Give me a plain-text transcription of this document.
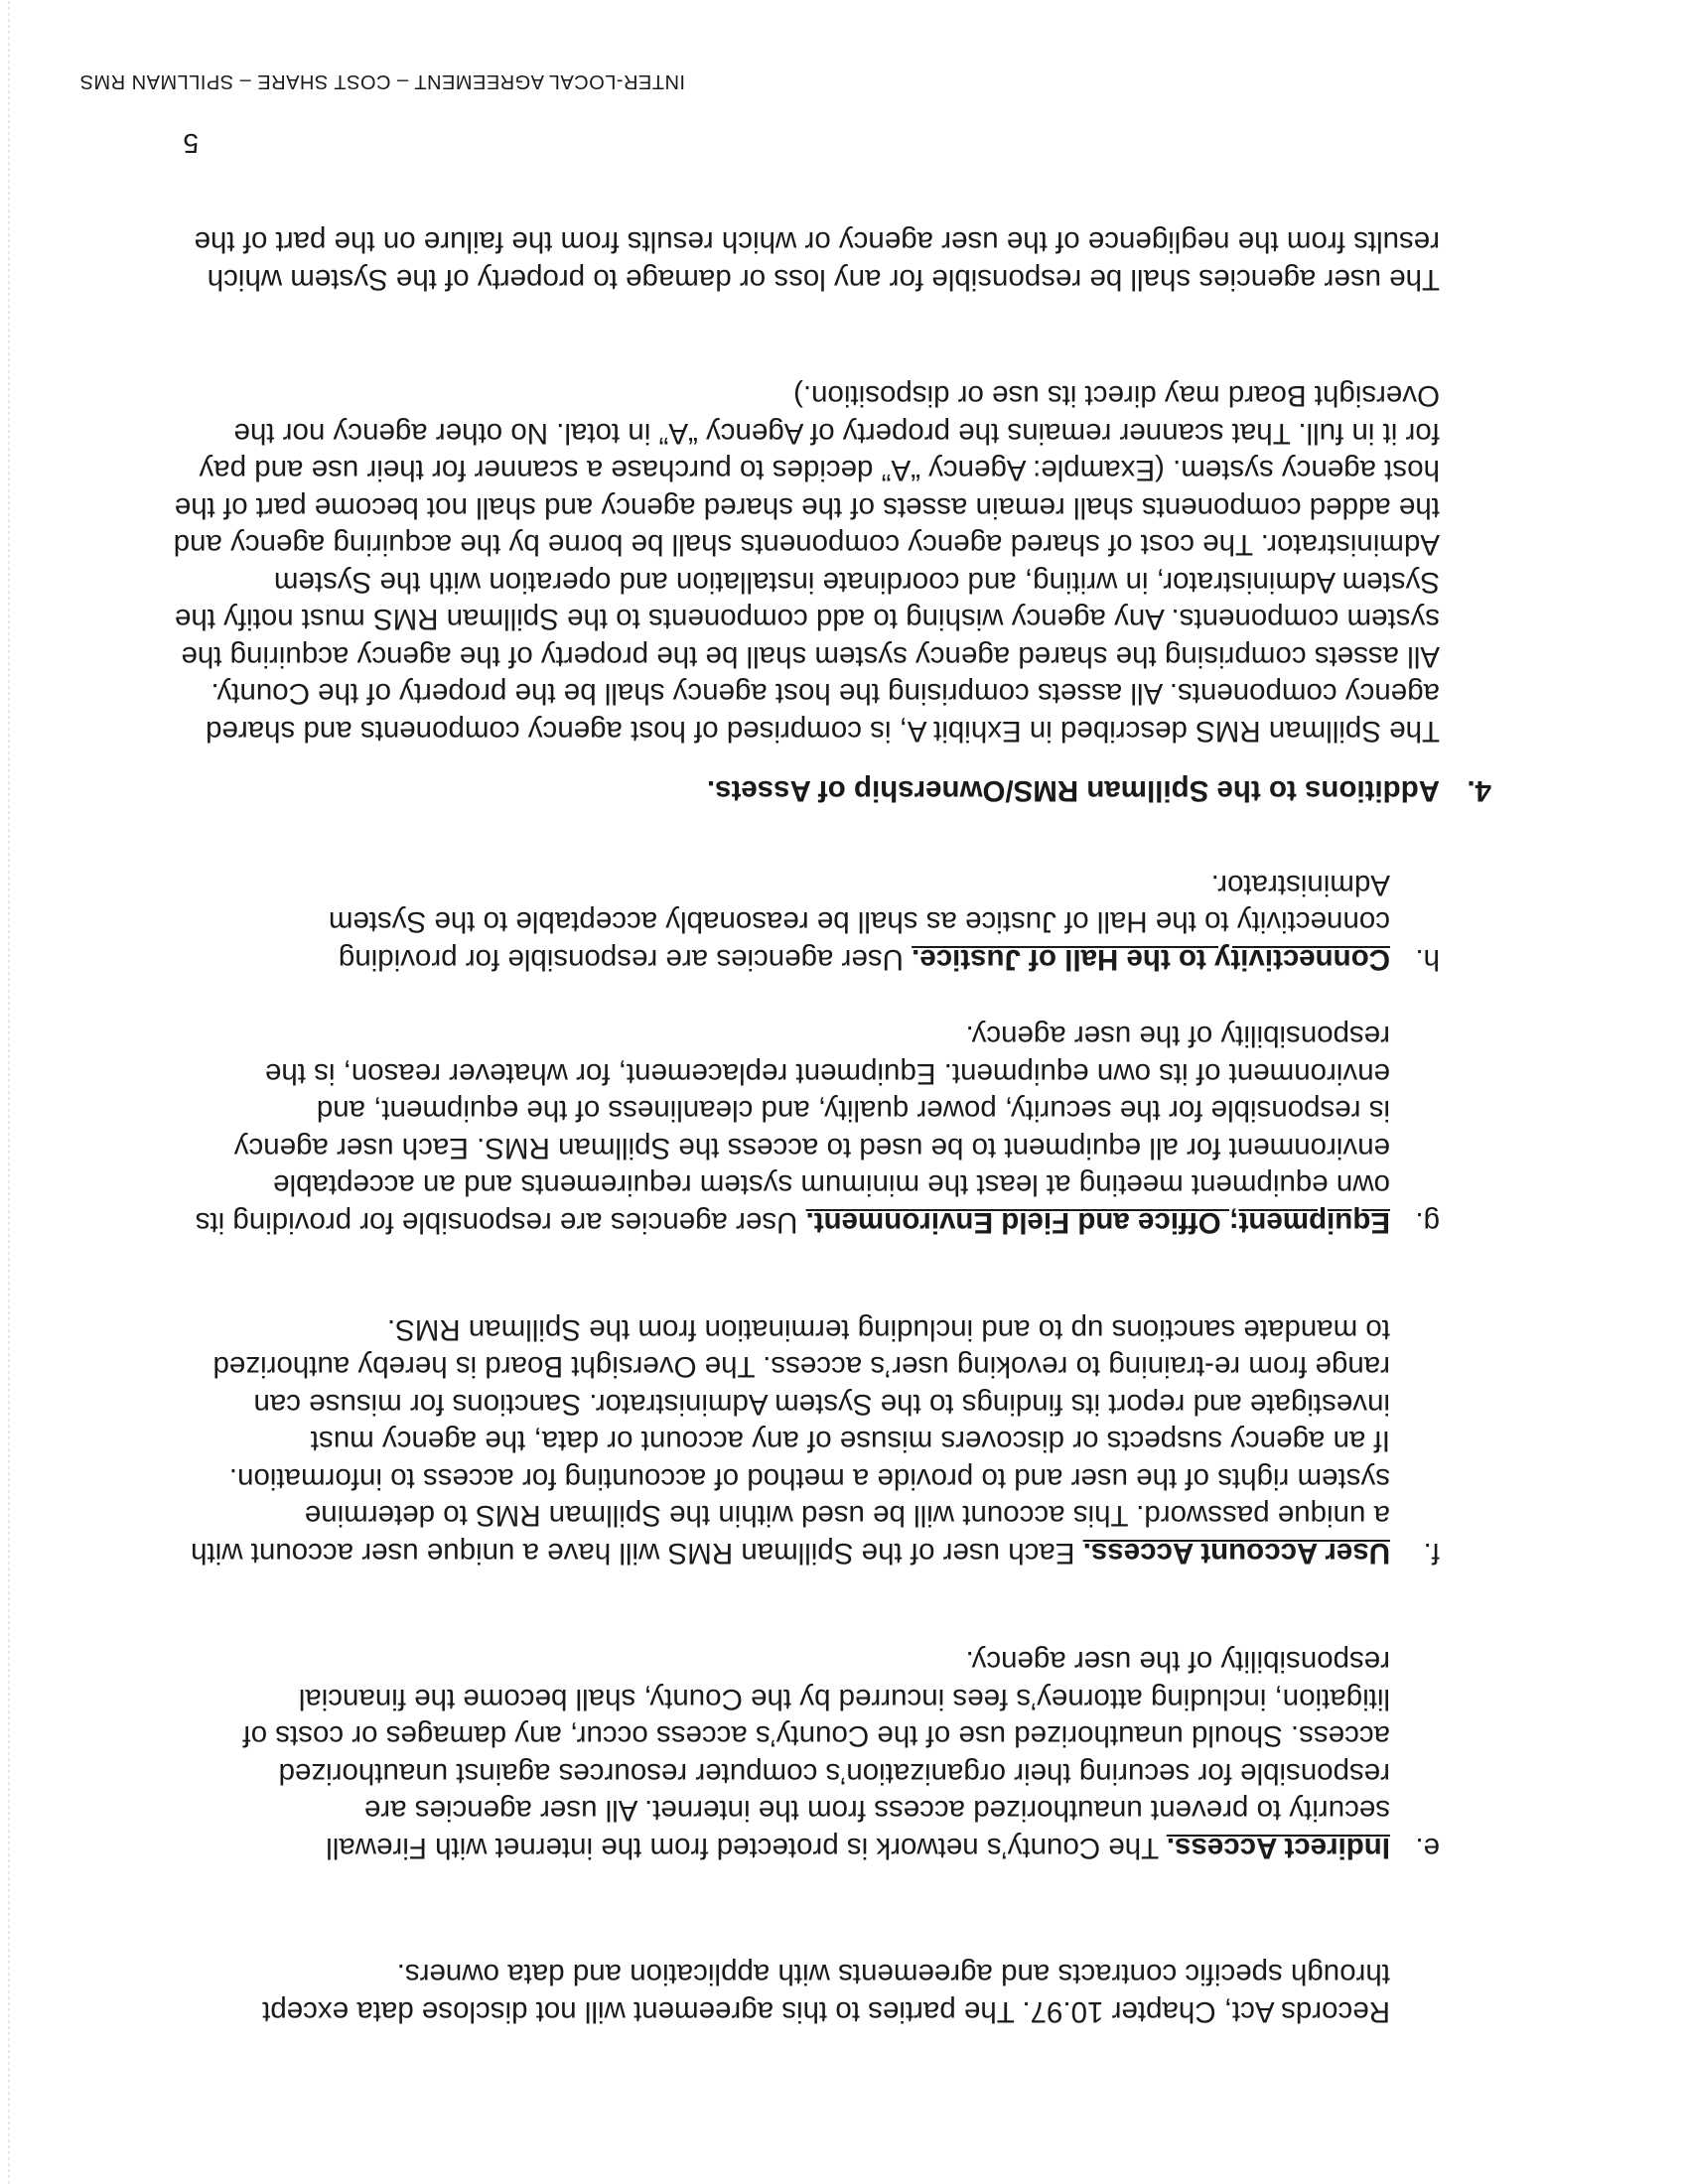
Records Act, Chapter 10.97. The parties to this agreement will not disclose data except
through specific contracts and agreements with application and data owners.
e.
Indirect Access. The County’s network is protected from the internet with Firewall
security to prevent unauthorized access from the internet. All user agencies are
responsible for securing their organization’s computer resources against unauthorized
access. Should unauthorized use of the County’s access occur, any damages or costs of
litigation, including attorney’s fees incurred by the County, shall become the financial
responsibility of the user agency.
f.
User Account Access. Each user of the Spillman RMS will have a unique user account with
a unique password. This account will be used within the Spillman RMS to determine
system rights of the user and to provide a method of accounting for access to information.
If an agency suspects or discovers misuse of any account or data, the agency must
investigate and report its findings to the System Administrator. Sanctions for misuse can
range from re-training to revoking user’s access. The Oversight Board is hereby authorized
to mandate sanctions up to and including termination from the Spillman RMS.
g.
Equipment; Office and Field Environment. User agencies are responsible for providing its
own equipment meeting at least the minimum system requirements and an acceptable
environment for all equipment to be used to access the Spillman RMS. Each user agency
is responsible for the security, power quality, and cleanliness of the equipment, and
environment of its own equipment. Equipment replacement, for whatever reason, is the
responsibility of the user agency.
h.
Connectivity to the Hall of Justice. User agencies are responsible for providing
connectivity to the Hall of Justice as shall be reasonably acceptable to the System
Administrator.
4.
Additions to the Spillman RMS/Ownership of Assets.
The Spillman RMS described in Exhibit A, is comprised of host agency components and shared
agency components. All assets comprising the host agency shall be the property of the County.
All assets comprising the shared agency system shall be the property of the agency acquiring the
system components. Any agency wishing to add components to the Spillman RMS must notify the
System Administrator, in writing, and coordinate installation and operation with the System
Administrator. The cost of shared agency components shall be borne by the acquiring agency and
the added components shall remain assets of the shared agency and shall not become part of the
host agency system. (Example: Agency “A” decides to purchase a scanner for their use and pay
for it in full. That scanner remains the property of Agency “A” in total. No other agency nor the
Oversight Board may direct its use or disposition.)
The user agencies shall be responsible for any loss or damage to property of the System which
results from the negligence of the user agency or which results from the failure on the part of the
5
INTER-LOCAL AGREEMENT – COST SHARE – SPILLMAN RMS
